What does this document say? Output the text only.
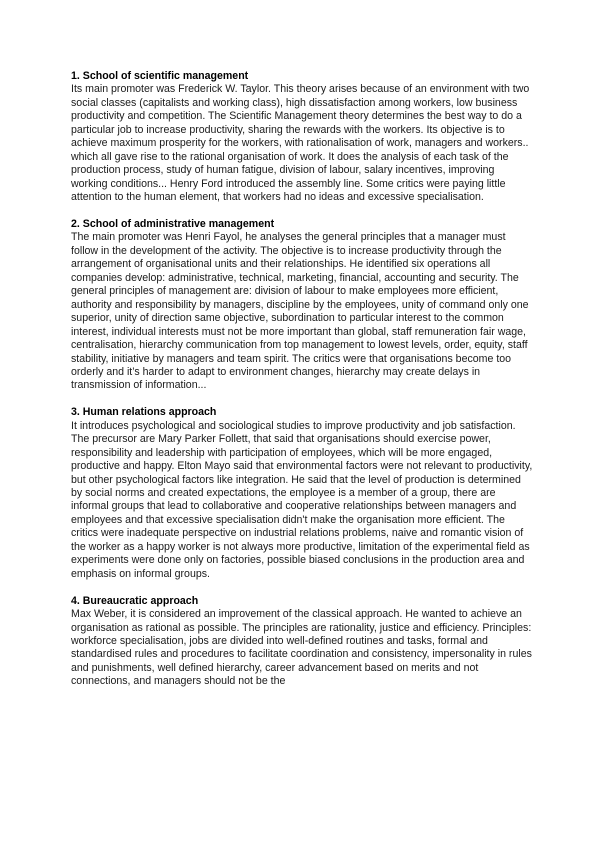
1. School of scientific management

Its main promoter was Frederick W. Taylor. This theory arises because of an environment with two social classes (capitalists and working class), high dissatisfaction among workers, low business productivity and competition. The Scientific Management theory determines the best way to do a particular job to increase productivity, sharing the rewards with the workers. Its objective is to achieve maximum prosperity for the workers, with rationalisation of work, managers and workers.. which all gave rise to the rational organisation of work. It does the analysis of each task of the production process, study of human fatigue, division of labour, salary incentives, improving working conditions... Henry Ford introduced the assembly line. Some critics were paying little attention to the human element, that workers had no ideas and excessive specialisation.

2. School of administrative management

The main promoter was Henri Fayol, he analyses the general principles that a manager must follow in the development of the activity. The objective is to increase productivity through the arrangement of organisational units and their relationships. He identified six operations all companies develop: administrative, technical, marketing, financial, accounting and security. The general principles of management are: division of labour to make employees more efficient, authority and responsibility by managers, discipline by the employees, unity of command only one superior, unity of direction same objective, subordination to particular interest to the common interest, individual interests must not be more important than global, staff remuneration fair wage, centralisation, hierarchy communication from top management to lowest levels, order, equity, staff stability, initiative by managers and team spirit. The critics were that organisations become too orderly and it’s harder to adapt to environment changes, hierarchy may create delays in transmission of information...

3. Human relations approach

It introduces psychological and sociological studies to improve productivity and job satisfaction. The precursor are Mary Parker Follett, that said that organisations should exercise power, responsibility and leadership with participation of employees, which will be more engaged, productive and happy. Elton Mayo said that environmental factors were not relevant to productivity, but other psychological factors like integration. He said that the level of production is determined by social norms and created expectations, the employee is a member of a group, there are informal groups that lead to collaborative and cooperative relationships between managers and employees and that excessive specialisation didn't make the organisation more efficient. The critics were inadequate perspective on industrial relations problems, naive and romantic vision of the worker as a happy worker is not always more productive, limitation of the experimental field as experiments were done only on factories, possible biased conclusions in the production area and emphasis on informal groups.

4. Bureaucratic approach

Max Weber, it is considered an improvement of the classical approach. He wanted to achieve an organisation as rational as possible. The principles are rationality, justice and efficiency. Principles: workforce specialisation, jobs are divided into well-defined routines and tasks, formal and standardised rules and procedures to facilitate coordination and consistency, impersonality in rules and punishments, well defined hierarchy, career advancement based on merits and not connections, and managers should not be the
